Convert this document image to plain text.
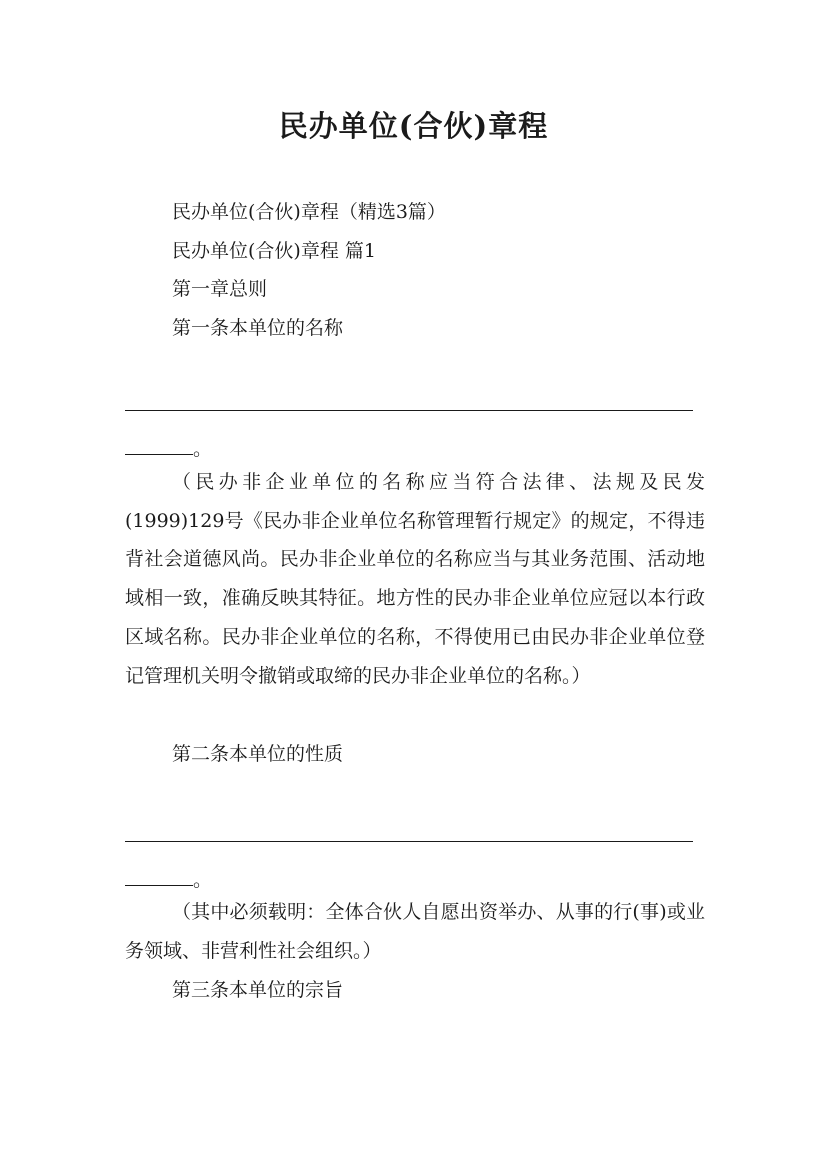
民办单位(合伙)章程
民办单位(合伙)章程（精选3篇）
民办单位(合伙)章程 篇1
第一章总则
第一条本单位的名称
。
（民办非企业单位的名称应当符合法律、法规及民发(1999)129号《民办非企业单位名称管理暂行规定》的规定，不得违背社会道德风尚。民办非企业单位的名称应当与其业务范围、活动地域相一致，准确反映其特征。地方性的民办非企业单位应冠以本行政区域名称。民办非企业单位的名称，不得使用已由民办非企业单位登记管理机关明令撤销或取缔的民办非企业单位的名称。）
第二条本单位的性质
。
（其中必须载明：全体合伙人自愿出资举办、从事的行(事)或业务领域、非营利性社会组织。）
第三条本单位的宗旨
